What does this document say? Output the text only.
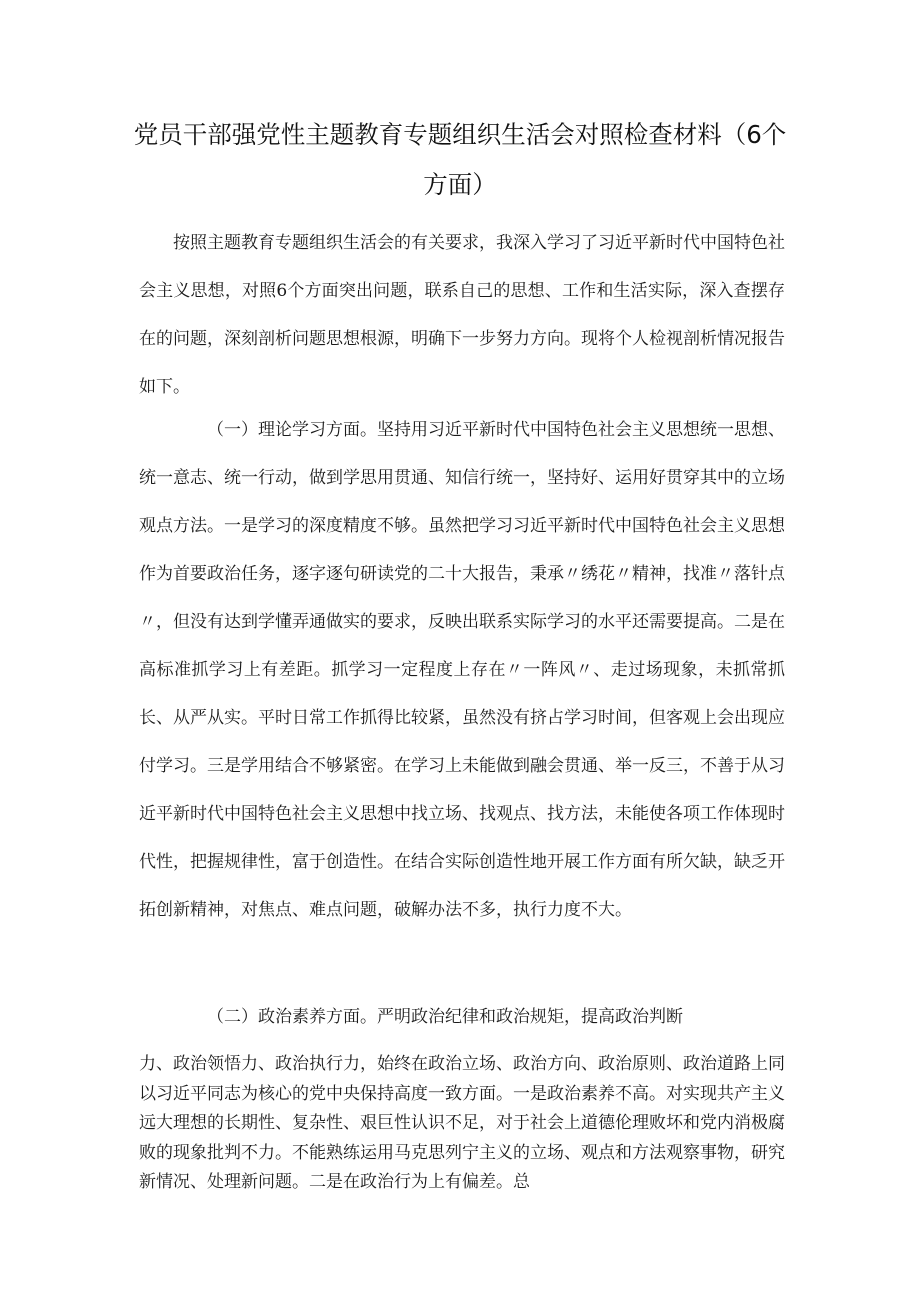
党员干部强党性主题教育专题组织生活会对照检查材料（6个方面）

按照主题教育专题组织生活会的有关要求，我深入学习了习近平新时代中国特色社会主义思想，对照6个方面突出问题，联系自己的思想、工作和生活实际，深入查摆存在的问题，深刻剖析问题思想根源，明确下一步努力方向。现将个人检视剖析情况报告如下。

（一）理论学习方面。坚持用习近平新时代中国特色社会主义思想统一思想、统一意志、统一行动，做到学思用贯通、知信行统一，坚持好、运用好贯穿其中的立场观点方法。一是学习的深度精度不够。虽然把学习习近平新时代中国特色社会主义思想作为首要政治任务，逐字逐句研读党的二十大报告，秉承〃绣花〃精神，找准〃落针点〃，但没有达到学懂弄通做实的要求，反映出联系实际学习的水平还需要提高。二是在高标准抓学习上有差距。抓学习一定程度上存在〃一阵风〃、走过场现象，未抓常抓长、从严从实。平时日常工作抓得比较紧，虽然没有挤占学习时间，但客观上会出现应付学习。三是学用结合不够紧密。在学习上未能做到融会贯通、举一反三，不善于从习近平新时代中国特色社会主义思想中找立场、找观点、找方法，未能使各项工作体现时代性，把握规律性，富于创造性。在结合实际创造性地开展工作方面有所欠缺，缺乏开拓创新精神，对焦点、难点问题，破解办法不多，执行力度不大。

（二）政治素养方面。严明政治纪律和政治规矩，提高政治判断

力、政治领悟力、政治执行力，始终在政治立场、政治方向、政治原则、政治道路上同以习近平同志为核心的党中央保持高度一致方面。一是政治素养不高。对实现共产主义远大理想的长期性、复杂性、艰巨性认识不足，对于社会上道德伦理败坏和党内消极腐败的现象批判不力。不能熟练运用马克思列宁主义的立场、观点和方法观察事物，研究新情况、处理新问题。二是在政治行为上有偏差。总
